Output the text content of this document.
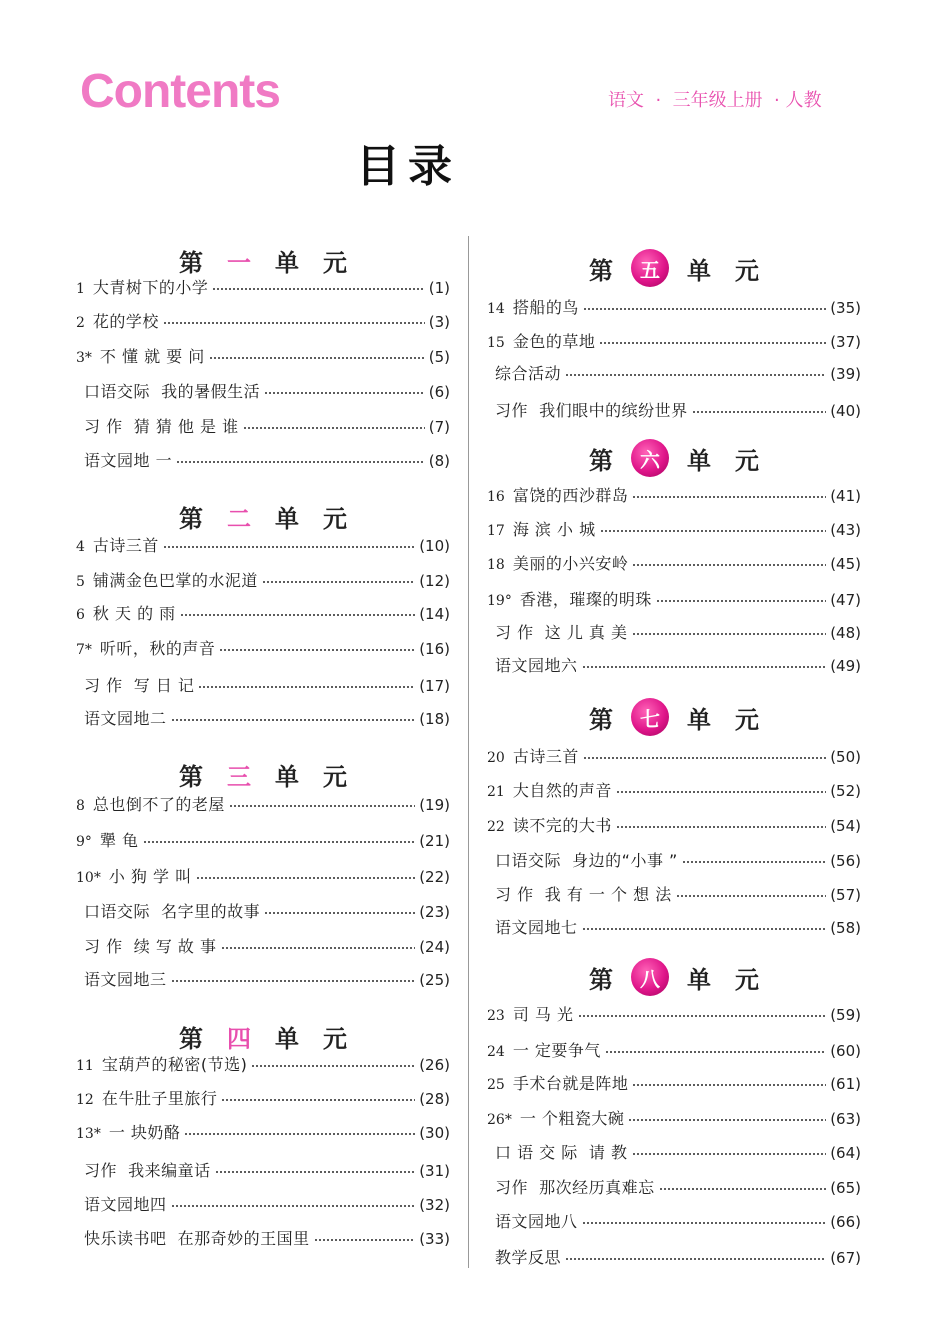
Contents	语文  ·  三年级上册  · 人教
目录
第 一 单 元
1 大青树下的小学	(1)
2 花的学校	(3)
3* 不 懂 就 要 问	(5)
口语交际  我的暑假生活	(6)
习 作  猜 猜 他 是 谁	(7)
语文园地 一	(8)
第 二 单 元
4 古诗三首	(10)
5 铺满金色巴掌的水泥道	(12)
6 秋 天 的 雨	(14)
7* 听听，秋的声音	(16)
习 作  写 日 记	(17)
语文园地二	(18)
第 三 单 元
8 总也倒不了的老屋	(19)
9° 犟 龟	(21)
10* 小 狗 学 叫	(22)
口语交际  名字里的故事	(23)
习 作  续 写 故 事	(24)
语文园地三	(25)
第 四 单 元
11 宝葫芦的秘密(节选)	(26)
12 在牛肚子里旅行	(28)
13* 一 块奶酪	(30)
习作  我来编童话	(31)
语文园地四	(32)
快乐读书吧  在那奇妙的王国里	(33)
第	五	单 元
14 搭船的鸟	(35)
15 金色的草地	(37)
综合活动	(39)
习作  我们眼中的缤纷世界	(40)
第	六	单 元
16 富饶的西沙群岛	(41)
17 海 滨 小 城	(43)
18 美丽的小兴安岭	(45)
19° 香港，璀璨的明珠	(47)
习 作  这 儿 真 美	(48)
语文园地六	(49)
第	七	单 元
20 古诗三首	(50)
21 大自然的声音	(52)
22 读不完的大书	(54)
口语交际  身边的“小事 ”	(56)
习 作  我 有 一 个 想 法	(57)
语文园地七	(58)
第	八	单 元
23 司 马 光	(59)
24 一 定要争气	(60)
25 手术台就是阵地	(61)
26* 一 个粗瓷大碗	(63)
口 语 交 际  请 教	(64)
习作  那次经历真难忘	(65)
语文园地八	(66)
教学反思	(67)
